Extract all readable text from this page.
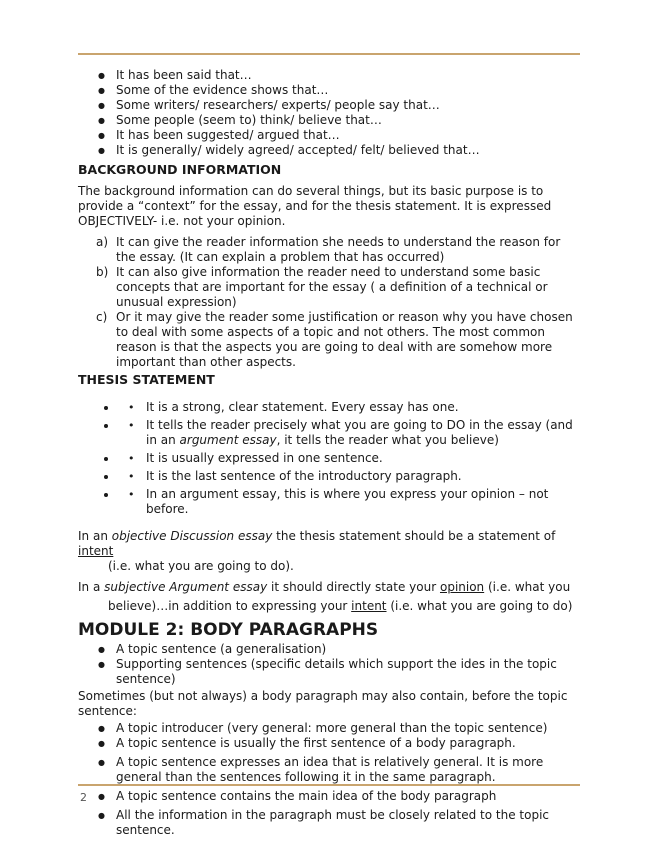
● It has been said that…
● Some of the evidence shows that…
● Some writers/ researchers/ experts/ people say that…
● Some people (seem to) think/ believe that…
● It has been suggested/ argued that…
● It is generally/ widely agreed/ accepted/ felt/ believed that…
BACKGROUND INFORMATION

The background information can do several things, but its basic purpose is to provide a “context” for the essay, and for the thesis statement. It is expressed OBJECTIVELY- i.e. not your opinion.

a) It can give the reader information she needs to understand the reason for the essay. (It can explain a problem that has occurred)
b) It can also give information the reader need to understand some basic concepts that are important for the essay ( a definition of a technical or unusual expression)
c) Or it may give the reader some justification or reason why you have chosen to deal with some aspects of a topic and not others. The most common reason is that the aspects you are going to deal with are somehow more important than other aspects.
THESIS STATEMENT
• • It is a strong, clear statement. Every essay has one.
• • It tells the reader precisely what you are going to DO in the essay (and in an argument essay, it tells the reader what you believe)
• • It is usually expressed in one sentence.
• • It is the last sentence of the introductory paragraph.
• • In an argument essay, this is where you express your opinion – not before.

In an objective Discussion essay the thesis statement should be a statement of intent
(i.e. what you are going to do).

In a subjective Argument essay it should directly state your opinion (i.e. what you
believe)…in addition to expressing your intent (i.e. what you are going to do)

MODULE 2: BODY PARAGRAPHS
● A topic sentence (a generalisation)
● Supporting sentences (specific details which support the ides in the topic sentence)

Sometimes (but not always) a body paragraph may also contain, before the topic sentence:

● A topic introducer (very general: more general than the topic sentence)
● A topic sentence is usually the first sentence of a body paragraph.
● A topic sentence expresses an idea that is relatively general. It is more general than the sentences following it in the same paragraph.
● A topic sentence contains the main idea of the body paragraph
● All the information in the paragraph must be closely related to the topic sentence.
2
